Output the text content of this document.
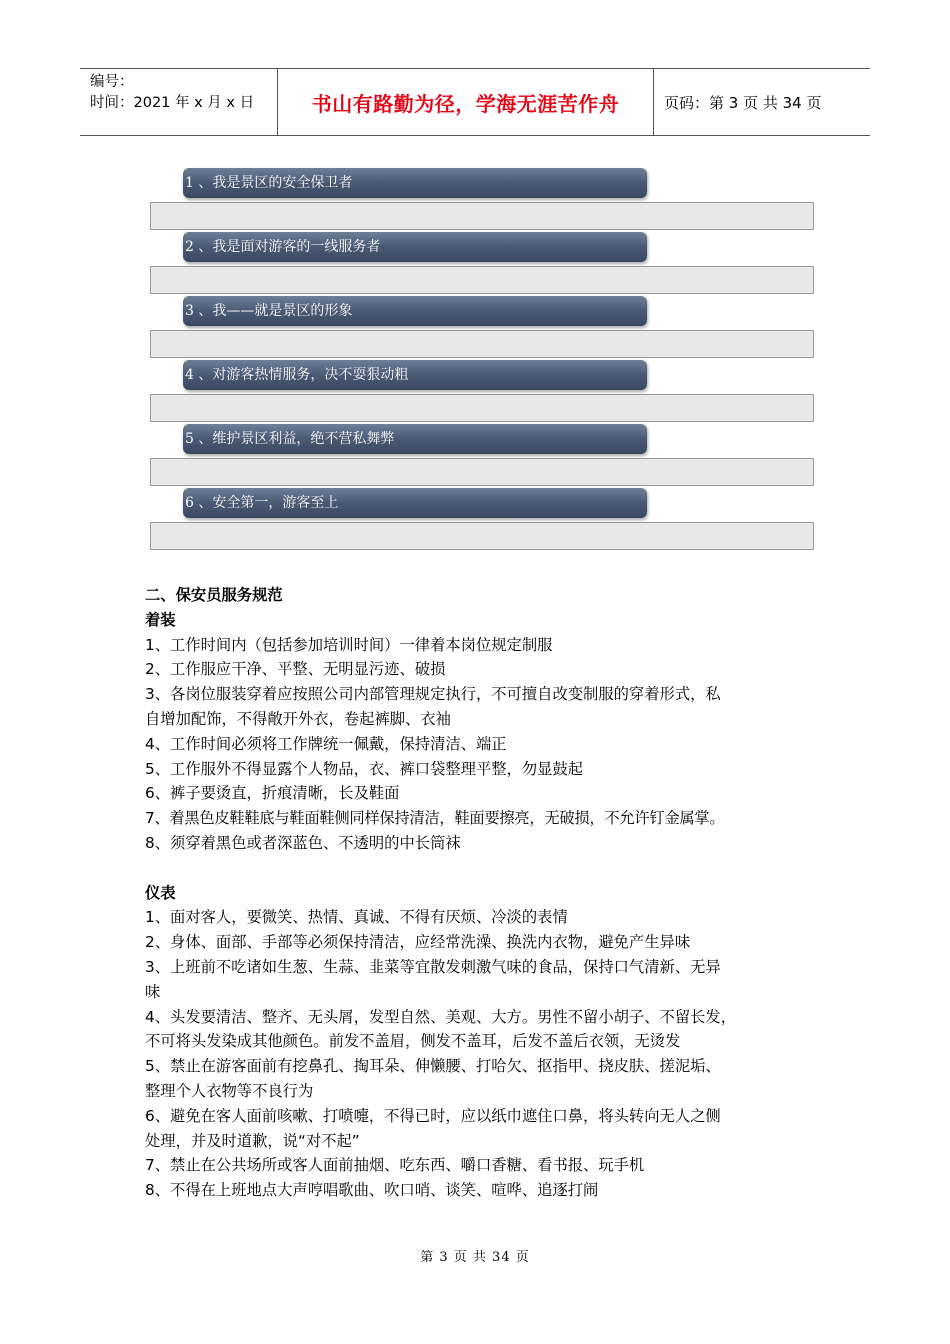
编号：
时间：2021 年 x 月 x 日	书山有路勤为径，学海无涯苦作舟	页码：第 3 页 共 34 页
1 、我是景区的安全保卫者
2 、我是面对游客的一线服务者
3 、我——就是景区的形象
4 、对游客热情服务，决不耍狠动粗
5 、维护景区利益，绝不营私舞弊
6 、安全第一，游客至上

二、保安员服务规范

着装

1、工作时间内（包括参加培训时间）一律着本岗位规定制服

2、工作服应干净、平整、无明显污迹、破损

3、各岗位服装穿着应按照公司内部管理规定执行，不可擅自改变制服的穿着形式，私

自增加配饰，不得敞开外衣，卷起裤脚、衣袖

4、工作时间必须将工作牌统一佩戴，保持清洁、端正

5、工作服外不得显露个人物品，衣、裤口袋整理平整，勿显鼓起

6、裤子要烫直，折痕清晰，长及鞋面

7、着黑色皮鞋鞋底与鞋面鞋侧同样保持清洁，鞋面要擦亮，无破损，不允许钉金属掌。

8、须穿着黑色或者深蓝色、不透明的中长筒袜

仪表

1、面对客人，要微笑、热情、真诚、不得有厌烦、冷淡的表情

2、身体、面部、手部等必须保持清洁，应经常洗澡、换洗内衣物，避免产生异味

3、上班前不吃诸如生葱、生蒜、韭菜等宜散发刺激气味的食品，保持口气清新、无异

味

4、头发要清洁、整齐、无头屑，发型自然、美观、大方。男性不留小胡子、不留长发，

不可将头发染成其他颜色。前发不盖眉，侧发不盖耳，后发不盖后衣领，无烫发

5、禁止在游客面前有挖鼻孔、掏耳朵、伸懒腰、打哈欠、抠指甲、挠皮肤、搓泥垢、

整理个人衣物等不良行为

6、避免在客人面前咳嗽、打喷嚏，不得已时，应以纸巾遮住口鼻，将头转向无人之侧

处理，并及时道歉，说“对不起”

7、禁止在公共场所或客人面前抽烟、吃东西、嚼口香糖、看书报、玩手机

8、不得在上班地点大声哼唱歌曲、吹口哨、谈笑、喧哗、追逐打闹

第 3 页 共 34 页
